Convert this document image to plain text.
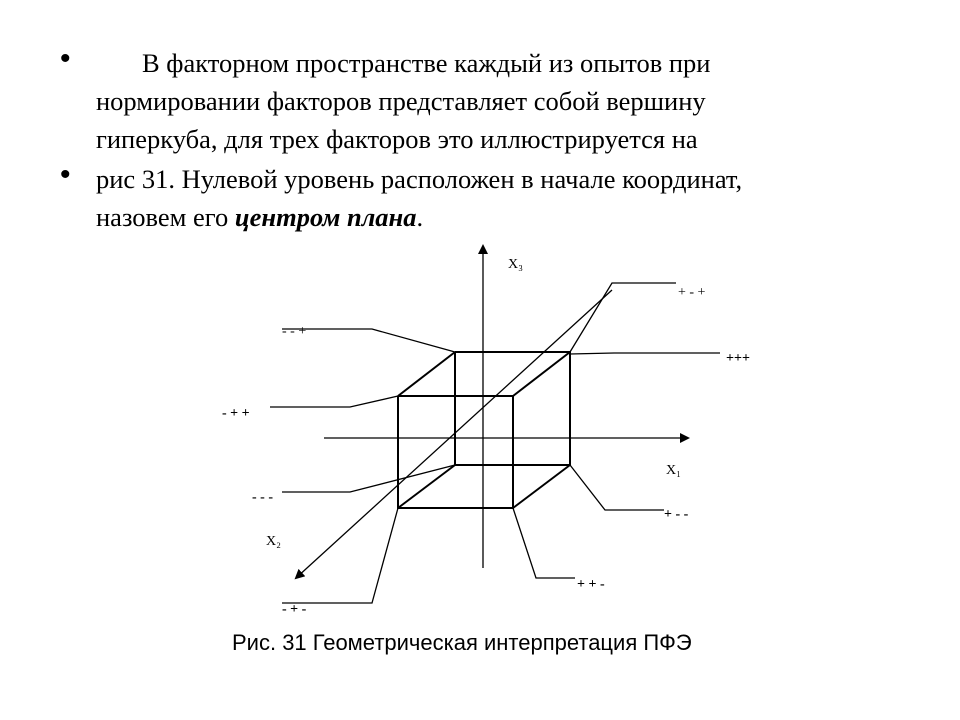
•	В факторном пространстве каждый из опытов при
нормировании факторов представляет собой вершину
гиперкуба, для трех факторов это иллюстрируется на
• рис 31. Нулевой уровень расположен в начале координат,
назовем его центром плана.
X₃
X₁
X₂
+ - +
- - +
+++
- + +
- - -
+ - -
+ + -
- + -
Рис. 31 Геометрическая интерпретация ПФЭ
